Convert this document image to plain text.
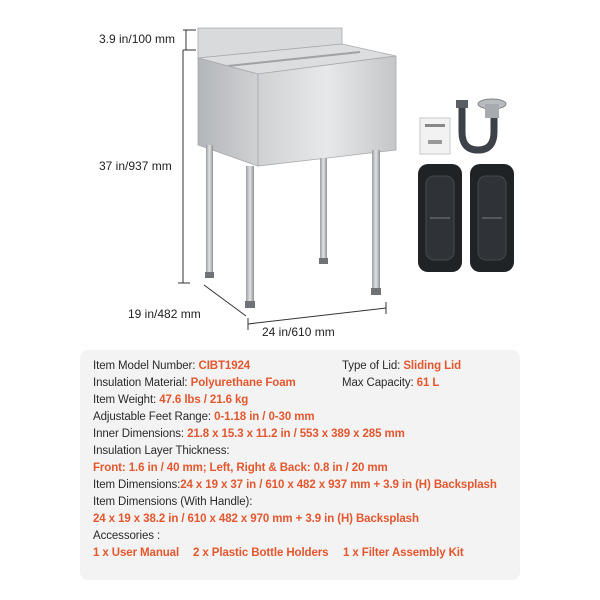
3.9 in/100 mm
37 in/937 mm
19 in/482 mm
24 in/610 mm
Item Model Number: CIBT1924	Type of Lid: Sliding Lid
Insulation Material: Polyurethane Foam	Max Capacity: 61 L
Item Weight: 47.6 lbs / 21.6 kg
Adjustable Feet Range: 0-1.18 in / 0-30 mm
Inner Dimensions: 21.8 x 15.3 x 11.2 in / 553 x 389 x 285 mm
Insulation Layer Thickness:
Front: 1.6 in / 40 mm; Left, Right & Back: 0.8 in / 20 mm
Item Dimensions:24 x 19 x 37 in / 610 x 482 x 937 mm + 3.9 in (H) Backsplash
Item Dimensions (With Handle):
24 x 19 x 38.2 in / 610 x 482 x 970 mm + 3.9 in (H) Backsplash
Accessories :
1 x User Manual 2 x Plastic Bottle Holders 1 x Filter Assembly Kit
